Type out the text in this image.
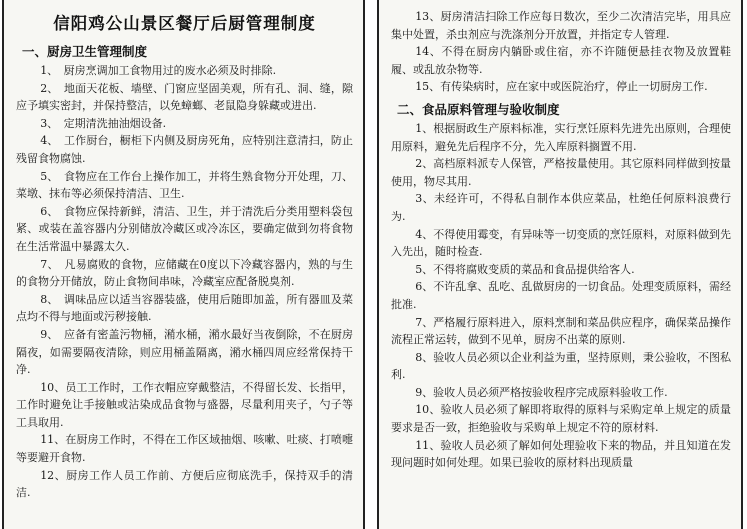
信阳鸡公山景区餐厅后厨管理制度
一、厨房卫生管理制度

1、　厨房烹调加工食物用过的废水必须及时排除.

2、　地面天花板、墙壁、门窗应坚固美观，所有孔、洞、缝，隙应予填实密封，并保持整洁，以免蟑螂、老鼠隐身躲藏或进出.

3、　定期清洗抽油烟设备.

4、　工作厨台，橱柜下内侧及厨房死角，应特别注意清扫，防止残留食物腐蚀.

5、　食物应在工作台上操作加工，并将生熟食物分开处理，刀、菜墩、抹布等必须保持清洁、卫生.

6、　食物应保持新鲜，清洁、卫生，并于清洗后分类用塑料袋包紧、或装在盖容器内分别储放冷藏区或冷冻区，要确定做到勿将食物在生活常温中暴露太久.

7、　凡易腐败的食物，应储藏在0度以下冷藏容器内，熟的与生的食物分开储放，防止食物间串味，冷藏室应配备脱臭剂.

8、　调味品应以适当容器装盛，使用后随即加盖，所有器皿及菜点均不得与地面或污秽接触.

9、　应备有密盖污物桶，潲水桶，潲水最好当夜倒除，不在厨房隔夜，如需要隔夜清除，则应用桶盖隔离，潲水桶四周应经常保持干净.

10、员工工作时，工作衣帽应穿戴整洁，不得留长发、长指甲，工作时避免让手接触或沾染成品食物与盛器，尽量利用夹子，勺子等工具取用.

11、在厨房工作时，不得在工作区域抽烟、咳嗽、吐痰、打喷嚏等要避开食物.

12、厨房工作人员工作前、方便后应彻底洗手，保持双手的清洁.

13、厨房清洁扫除工作应每日数次，至少二次清洁完毕，用具应集中处置，杀虫剂应与洗涤剂分开放置，并指定专人管理.

14、不得在厨房内躺卧或住宿，亦不许随便悬挂衣物及放置鞋履、或乱放杂物等.

15、有传染病时，应在家中或医院治疗，停止一切厨房工作.

二、食品原料管理与验收制度

1、根据厨政生产原料标准，实行烹饪原料先进先出原则，合理使用原料，避免先后程序不分，先入库原料搁置不用.

2、高档原料派专人保管，严格按量使用。其它原料同样做到按量使用，物尽其用.

3、未经许可，不得私自制作本供应菜品，杜绝任何原料浪费行为.

4、不得使用霉变，有异味等一切变质的烹饪原料，对原料做到先入先出，随时检查.

5、不得将腐败变质的菜品和食品提供给客人.

6、不许乱拿、乱吃、乱做厨房的一切食品。处理变质原料，需经批准.

7、严格履行原料进入，原料烹制和菜品供应程序，确保菜品操作流程正常运转，做到不见单，厨房不出菜的原则.

8、验收人员必须以企业利益为重，坚持原则，秉公验收，不图私利.

9、验收人员必须严格按验收程序完成原料验收工作.

10、验收人员必须了解即将取得的原料与采购定单上规定的质量要求是否一致，拒绝验收与采购单上规定不符的原材料.

11、验收人员必须了解如何处理验收下来的物品，并且知道在发现问题时如何处理。如果已验收的原材料出现质量
